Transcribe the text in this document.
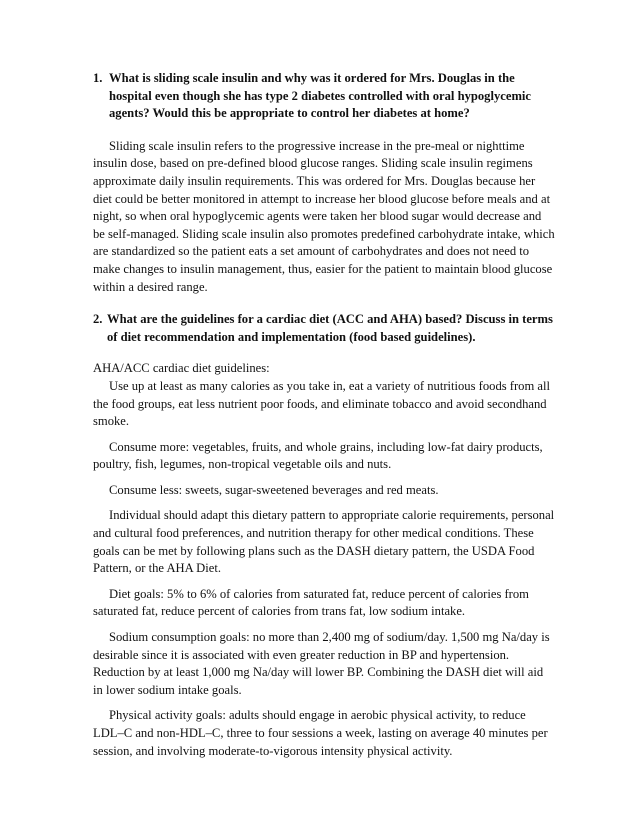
1. What is sliding scale insulin and why was it ordered for Mrs. Douglas in the hospital even though she has type 2 diabetes controlled with oral hypoglycemic agents? Would this be appropriate to control her diabetes at home?

Sliding scale insulin refers to the progressive increase in the pre-meal or nighttime insulin dose, based on pre-defined blood glucose ranges. Sliding scale insulin regimens approximate daily insulin requirements. This was ordered for Mrs. Douglas because her diet could be better monitored in attempt to increase her blood glucose before meals and at night, so when oral hypoglycemic agents were taken her blood sugar would decrease and be self-managed. Sliding scale insulin also promotes predefined carbohydrate intake, which are standardized so the patient eats a set amount of carbohydrates and does not need to make changes to insulin management, thus, easier for the patient to maintain blood glucose within a desired range.

2. What are the guidelines for a cardiac diet (ACC and AHA) based? Discuss in terms of diet recommendation and implementation (food based guidelines).

AHA/ACC cardiac diet guidelines:

Use up at least as many calories as you take in, eat a variety of nutritious foods from all the food groups, eat less nutrient poor foods, and eliminate tobacco and avoid secondhand smoke.

Consume more: vegetables, fruits, and whole grains, including low-fat dairy products, poultry, fish, legumes, non-tropical vegetable oils and nuts.

Consume less: sweets, sugar-sweetened beverages and red meats.

Individual should adapt this dietary pattern to appropriate calorie requirements, personal and cultural food preferences, and nutrition therapy for other medical conditions. These goals can be met by following plans such as the DASH dietary pattern, the USDA Food Pattern, or the AHA Diet.

Diet goals: 5% to 6% of calories from saturated fat, reduce percent of calories from saturated fat, reduce percent of calories from trans fat, low sodium intake.

Sodium consumption goals: no more than 2,400 mg of sodium/day. 1,500 mg Na/day is desirable since it is associated with even greater reduction in BP and hypertension. Reduction by at least 1,000 mg Na/day will lower BP. Combining the DASH diet will aid in lower sodium intake goals.

Physical activity goals: adults should engage in aerobic physical activity, to reduce LDL–C and non-HDL–C, three to four sessions a week, lasting on average 40 minutes per session, and involving moderate-to-vigorous intensity physical activity.
